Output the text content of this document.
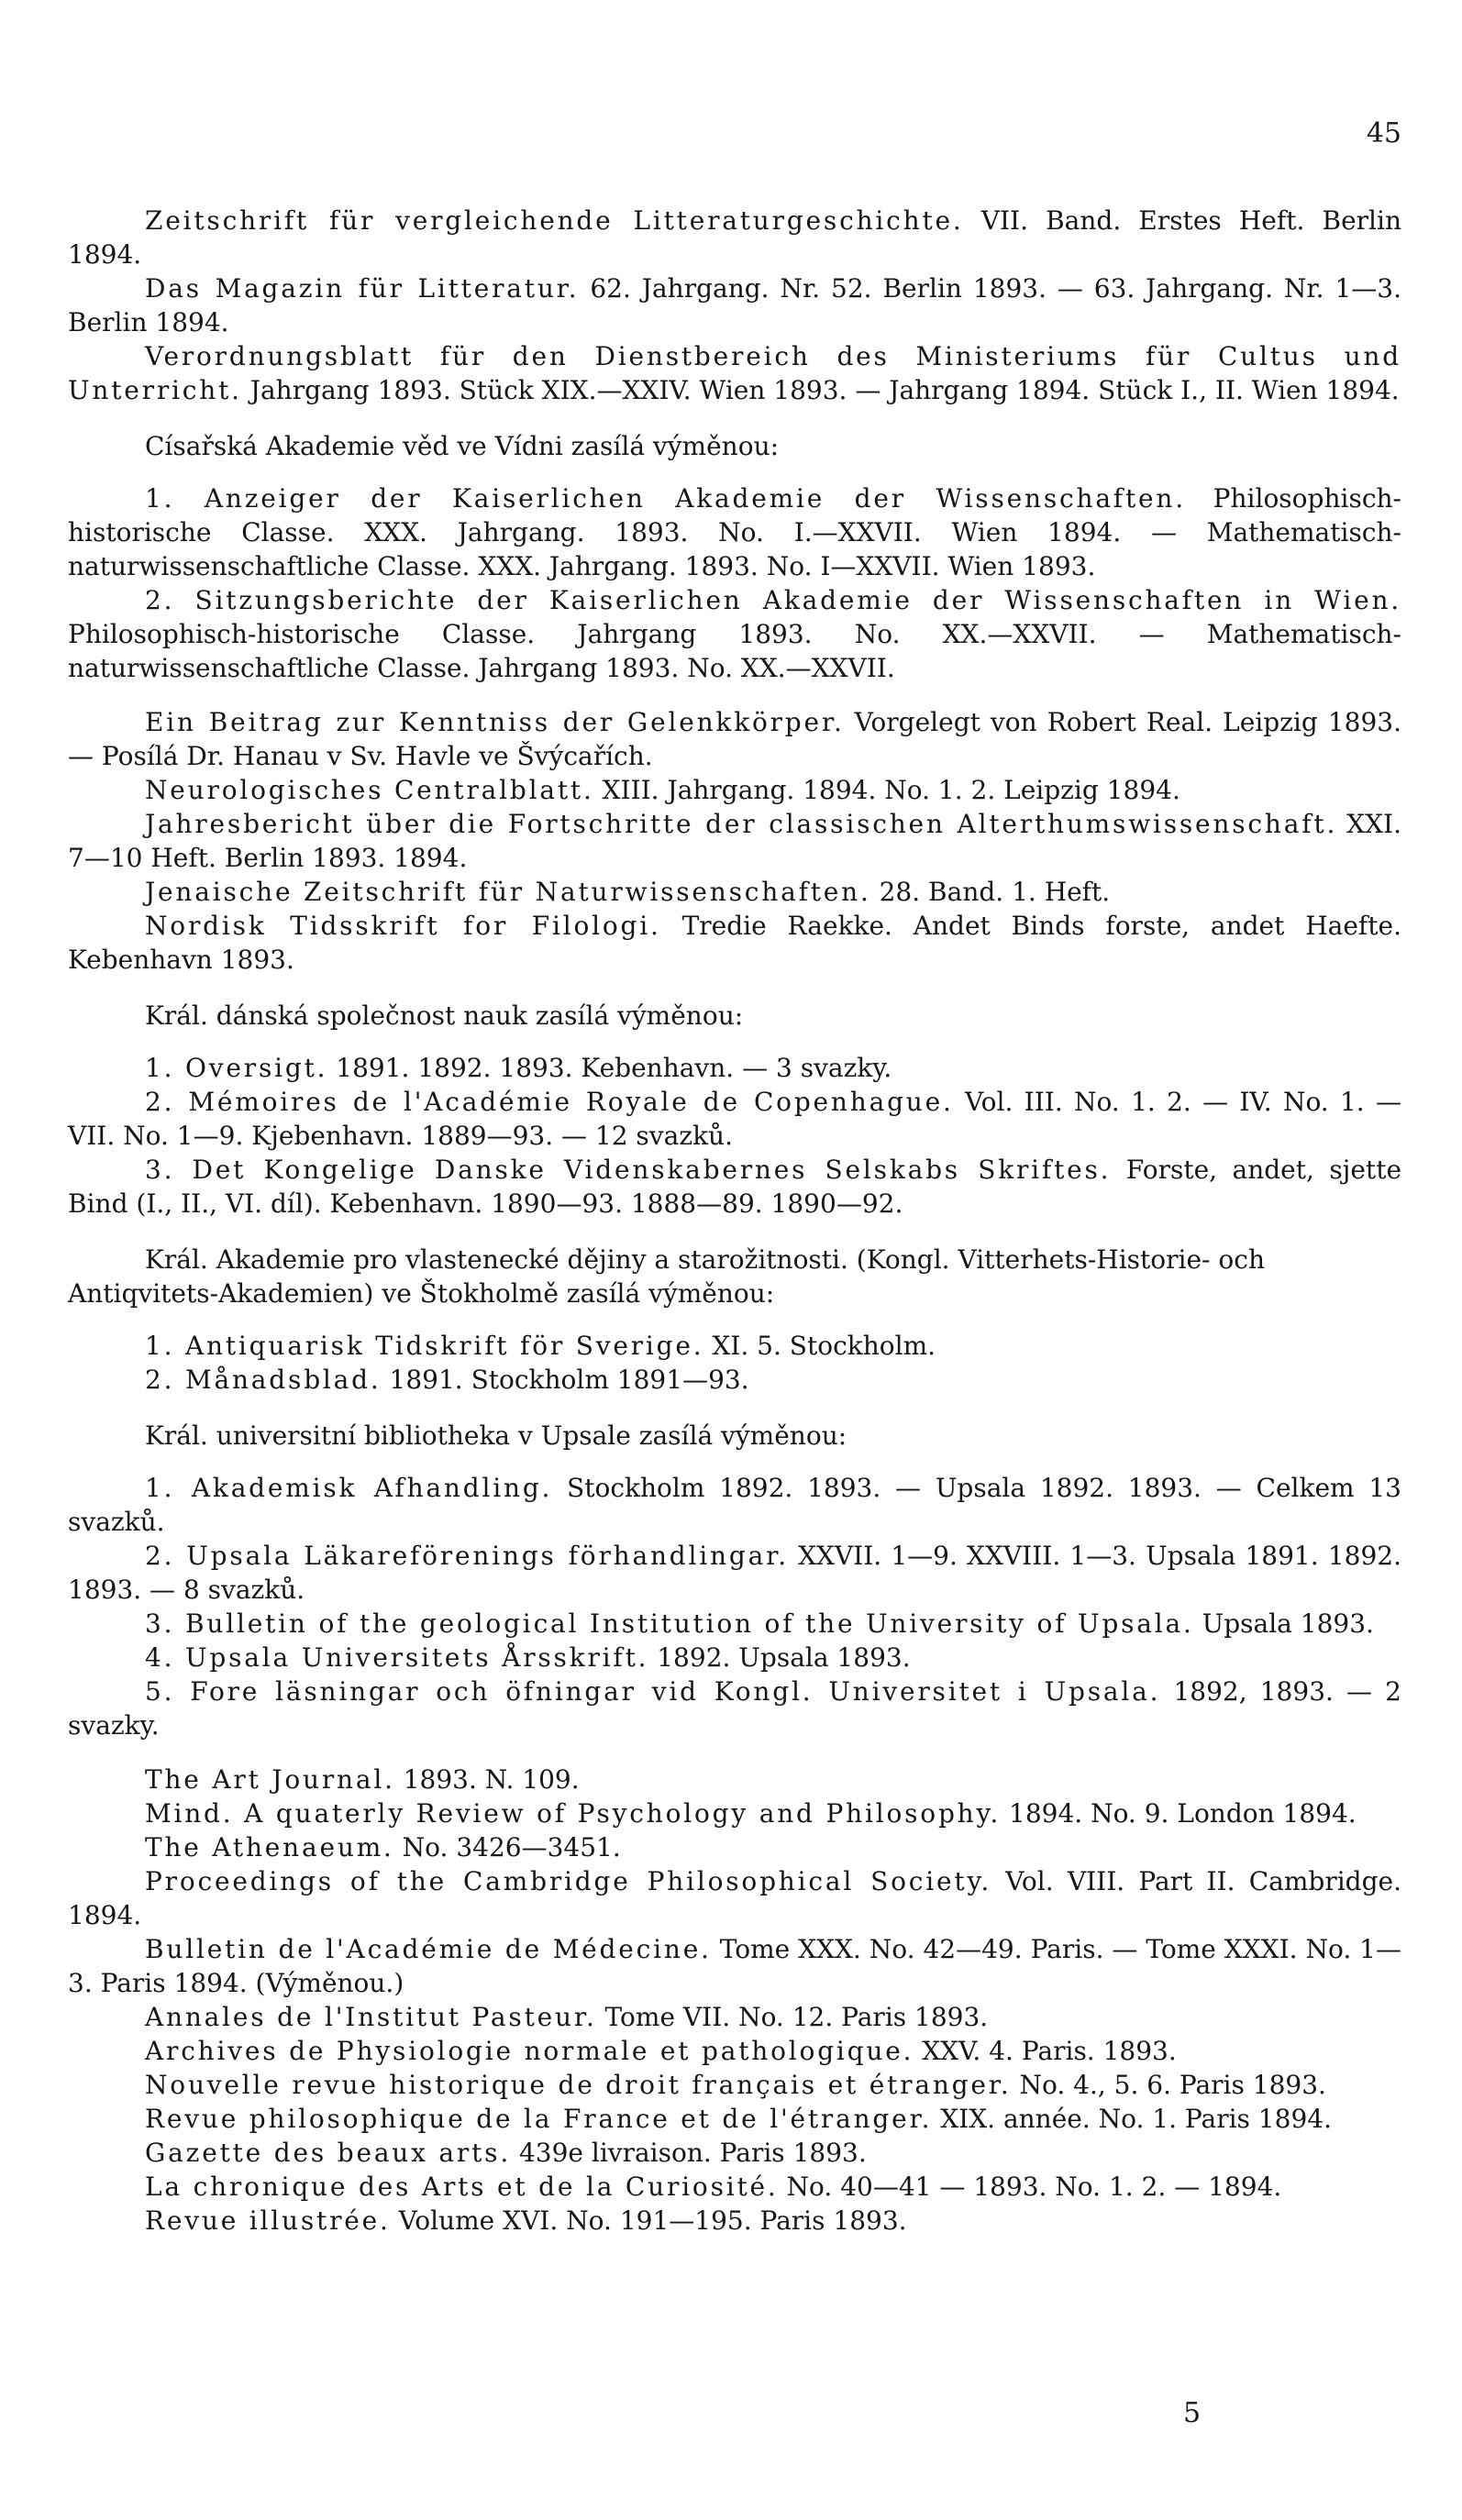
45

Zeitschrift für vergleichende Litteraturgeschichte. VII. Band. Erstes Heft. Berlin 1894.

Das Magazin für Litteratur. 62. Jahrgang. Nr. 52. Berlin 1893. — 63. Jahrgang. Nr. 1—3. Berlin 1894.

Verordnungsblatt für den Dienstbereich des Ministeriums für Cultus und Unterricht. Jahrgang 1893. Stück XIX.—XXIV. Wien 1893. — Jahrgang 1894. Stück I., II. Wien 1894.

Císařská Akademie věd ve Vídni zasílá výměnou:

1. Anzeiger der Kaiserlichen Akademie der Wissenschaften. Philosophisch-historische Classe. XXX. Jahrgang. 1893. No. I.—XXVII. Wien 1894. — Mathematisch-naturwissenschaftliche Classe. XXX. Jahrgang. 1893. No. I—XXVII. Wien 1893.

2. Sitzungsberichte der Kaiserlichen Akademie der Wissenschaften in Wien. Philosophisch-historische Classe. Jahrgang 1893. No. XX.—XXVII. — Mathematisch-naturwissenschaftliche Classe. Jahrgang 1893. No. XX.—XXVII.

Ein Beitrag zur Kenntniss der Gelenkkörper. Vorgelegt von Robert Real. Leipzig 1893. — Posílá Dr. Hanau v Sv. Havle ve Švýcařích.

Neurologisches Centralblatt. XIII. Jahrgang. 1894. No. 1. 2. Leipzig 1894.

Jahresbericht über die Fortschritte der classischen Alterthumswissenschaft. XXI. 7—10 Heft. Berlin 1893. 1894.

Jenaische Zeitschrift für Naturwissenschaften. 28. Band. 1. Heft.

Nordisk Tidsskrift for Filologi. Tredie Raekke. Andet Binds forste, andet Haefte. Kebenhavn 1893.

Král. dánská společnost nauk zasílá výměnou:

1. Oversigt. 1891. 1892. 1893. Kebenhavn. — 3 svazky.

2. Mémoires de l'Académie Royale de Copenhague. Vol. III. No. 1. 2. — IV. No. 1. — VII. No. 1—9. Kjebenhavn. 1889—93. — 12 svazků.

3. Det Kongelige Danske Videnskabernes Selskabs Skriftes. Forste, andet, sjette Bind (I., II., VI. díl). Kebenhavn. 1890—93. 1888—89. 1890—92.

Král. Akademie pro vlastenecké dějiny a starožitnosti. (Kongl. Vitterhets-Historie- och Antiqvitets-Akademien) ve Štokholmě zasílá výměnou:

1. Antiquarisk Tidskrift för Sverige. XI. 5. Stockholm.

2. Månadsblad. 1891. Stockholm 1891—93.

Král. universitní bibliotheka v Upsale zasílá výměnou:

1. Akademisk Afhandling. Stockholm 1892. 1893. — Upsala 1892. 1893. — Celkem 13 svazků.

2. Upsala Läkareförenings förhandlingar. XXVII. 1—9. XXVIII. 1—3. Upsala 1891. 1892. 1893. — 8 svazků.

3. Bulletin of the geological Institution of the University of Upsala. Upsala 1893.

4. Upsala Universitets Årsskrift. 1892. Upsala 1893.

5. Fore läsningar och öfningar vid Kongl. Universitet i Upsala. 1892, 1893. — 2 svazky.

The Art Journal. 1893. N. 109.

Mind. A quaterly Review of Psychology and Philosophy. 1894. No. 9. London 1894.

The Athenaeum. No. 3426—3451.

Proceedings of the Cambridge Philosophical Society. Vol. VIII. Part II. Cambridge. 1894.

Bulletin de l'Académie de Médecine. Tome XXX. No. 42—49. Paris. — Tome XXXI. No. 1—3. Paris 1894. (Výměnou.)

Annales de l'Institut Pasteur. Tome VII. No. 12. Paris 1893.

Archives de Physiologie normale et pathologique. XXV. 4. Paris. 1893.

Nouvelle revue historique de droit français et étranger. No. 4., 5. 6. Paris 1893.

Revue philosophique de la France et de l'étranger. XIX. année. No. 1. Paris 1894.

Gazette des beaux arts. 439e livraison. Paris 1893.

La chronique des Arts et de la Curiosité. No. 40—41 — 1893. No. 1. 2. — 1894.

Revue illustrée. Volume XVI. No. 191—195. Paris 1893.

5
